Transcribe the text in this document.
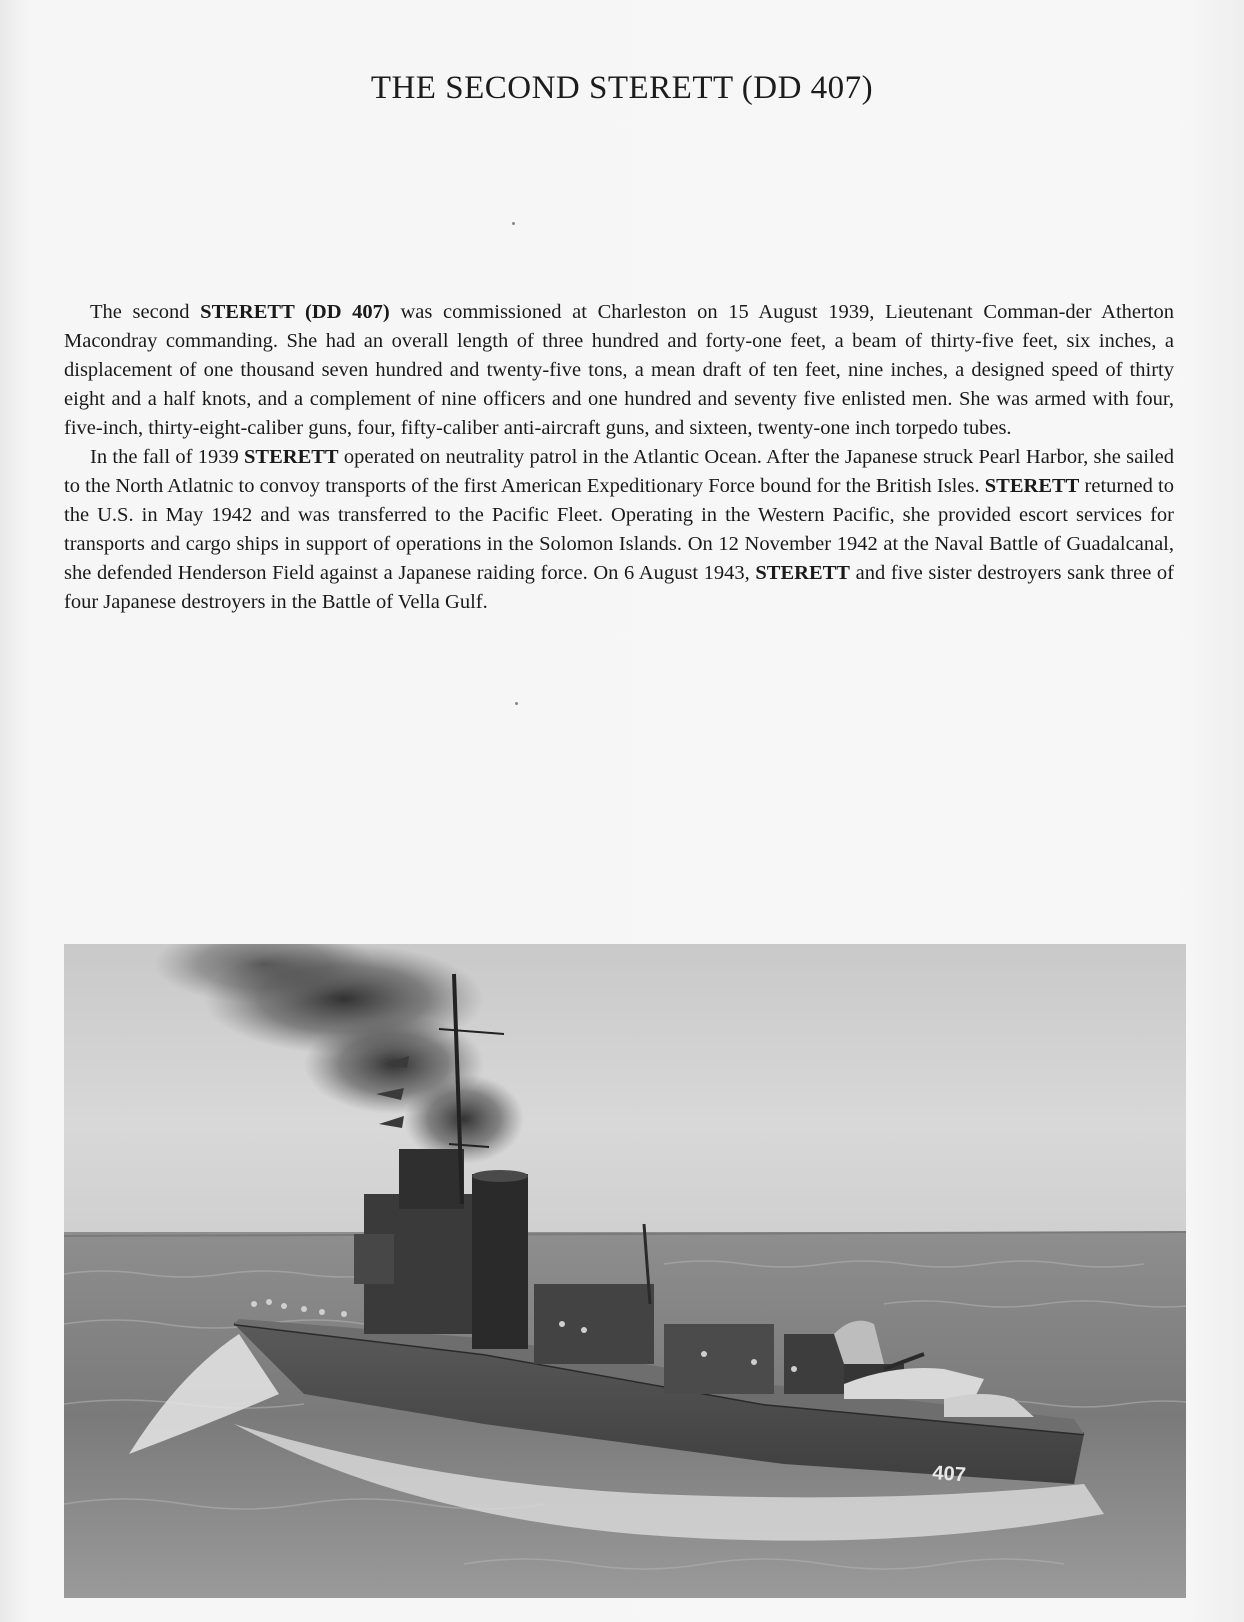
THE SECOND STERETT (DD 407)

The second STERETT (DD 407) was commissioned at Charleston on 15 August 1939, Lieutenant Comman-der Atherton Macondray commanding. She had an overall length of three hundred and forty-one feet, a beam of thirty-five feet, six inches, a displacement of one thousand seven hundred and twenty-five tons, a mean draft of ten feet, nine inches, a designed speed of thirty eight and a half knots, and a complement of nine officers and one hundred and seventy five enlisted men. She was armed with four, five-inch, thirty-eight-caliber guns, four, fifty-caliber anti-aircraft guns, and sixteen, twenty-one inch torpedo tubes.

In the fall of 1939 STERETT operated on neutrality patrol in the Atlantic Ocean. After the Japanese struck Pearl Harbor, she sailed to the North Atlatnic to convoy transports of the first American Expeditionary Force bound for the British Isles. STERETT returned to the U.S. in May 1942 and was transferred to the Pacific Fleet. Operating in the Western Pacific, she provided escort services for transports and cargo ships in support of operations in the Solomon Islands. On 12 November 1942 at the Naval Battle of Guadalcanal, she defended Henderson Field against a Japanese raiding force. On 6 August 1943, STERETT and five sister destroyers sank three of four Japanese destroyers in the Battle of Vella Gulf.

407
